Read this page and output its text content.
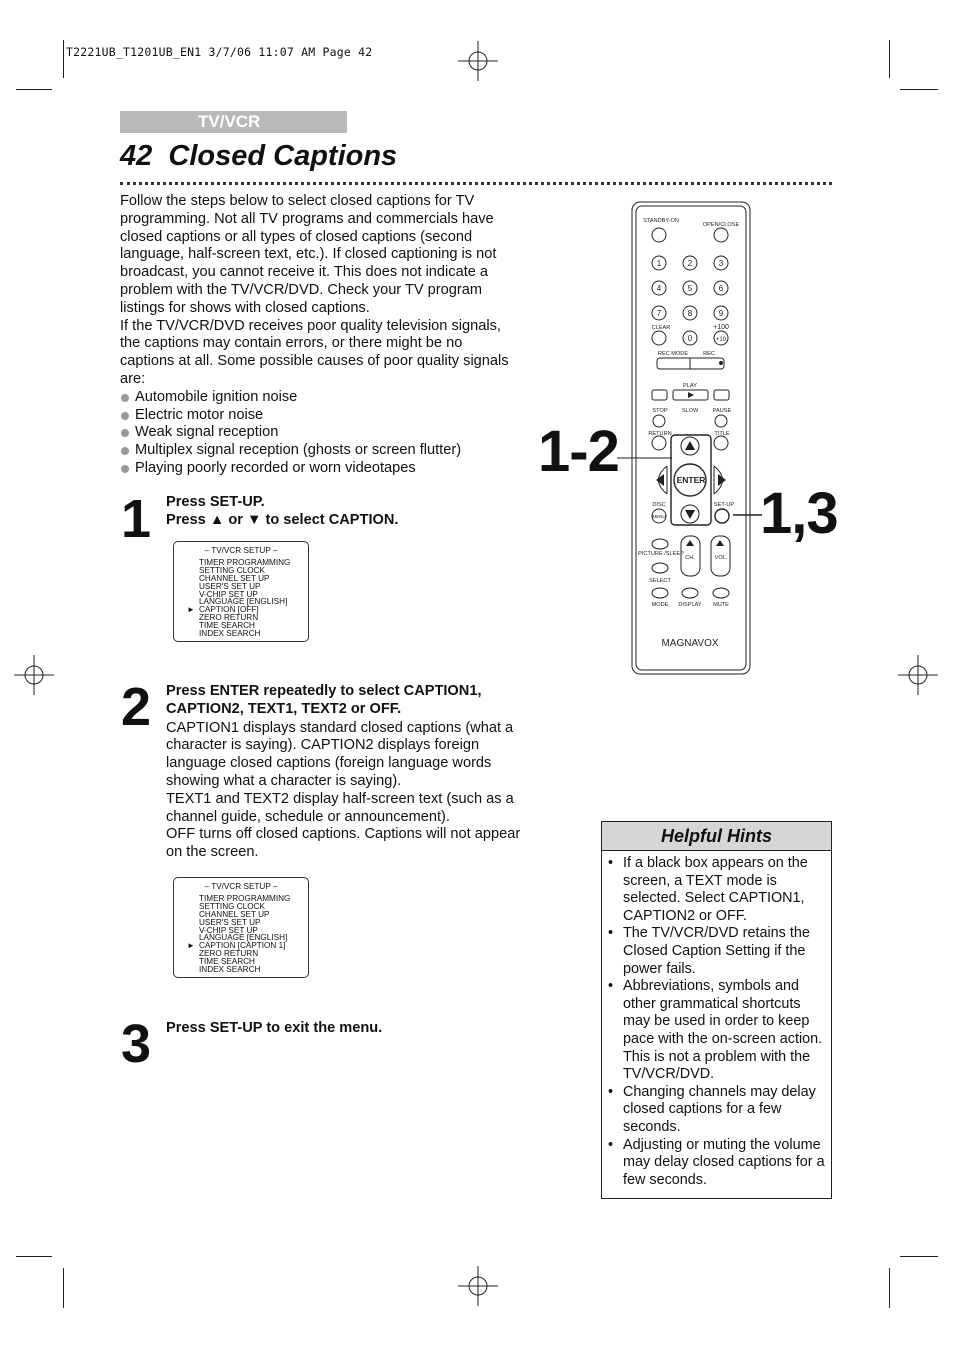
T2221UB_T1201UB_EN1 3/7/06 11:07 AM Page 42
TV/VCR
42 Closed Captions

Follow the steps below to select closed captions for TV programming. Not all TV programs and commercials have closed captions or all types of closed captions (second language, half-screen text, etc.). If closed captioning is not broadcast, you cannot receive it. This does not indicate a problem with the TV/VCR/DVD. Check your TV program listings for shows with closed captions.

If the TV/VCR/DVD receives poor quality television signals, the captions may contain errors, or there might be no captions at all. Some possible causes of poor quality signals are:

Automobile ignition noise
Electric motor noise
Weak signal reception
Multiplex signal reception (ghosts or screen flutter)
Playing poorly recorded or worn videotapes
1 Press SET-UP.
Press ▲ or ▼ to select CAPTION.
– TV/VCR SETUP –
TIMER PROGRAMMING
SETTING CLOCK
CHANNEL SET UP
USER'S SET UP
V-CHIP SET UP
LANGUAGE [ENGLISH]
► CAPTION [OFF]
ZERO RETURN
TIME SEARCH
INDEX SEARCH
2 Press ENTER repeatedly to select CAPTION1, CAPTION2, TEXT1, TEXT2 or OFF.
CAPTION1 displays standard closed captions (what a character is saying). CAPTION2 displays foreign language closed captions (foreign language words showing what a character is saying).
TEXT1 and TEXT2 display half-screen text (such as a channel guide, schedule or announcement).
OFF turns off closed captions. Captions will not appear on the screen.
– TV/VCR SETUP –
TIMER PROGRAMMING
SETTING CLOCK
CHANNEL SET UP
USER'S SET UP
V-CHIP SET UP
LANGUAGE [ENGLISH]
► CAPTION [CAPTION 1]
ZERO RETURN
TIME SEARCH
INDEX SEARCH
3 Press SET-UP to exit the menu.
1-2
1,3
STANDBY-ON
OPEN/CLOSE
1	2	3
4	5	6
7	8	9
CLEAR	+100
0	+10
REC MODE	REC
PLAY
STOP	SLOW	PAUSE
RETURN	TITLE
ENTER
DISC
MENU
SET-UP
PICTURE /SLEEP
CH.	VOL.
SELECT
MODE DISPLAY MUTE
MAGNAVOX
Helpful Hints
• If a black box appears on the screen, a TEXT mode is selected. Select CAPTION1, CAPTION2 or OFF.
• The TV/VCR/DVD retains the Closed Caption Setting if the power fails.
• Abbreviations, symbols and other grammatical shortcuts may be used in order to keep pace with the on-screen action. This is not a problem with the TV/VCR/DVD.
• Changing channels may delay closed captions for a few seconds.
• Adjusting or muting the volume may delay closed captions for a few seconds.
